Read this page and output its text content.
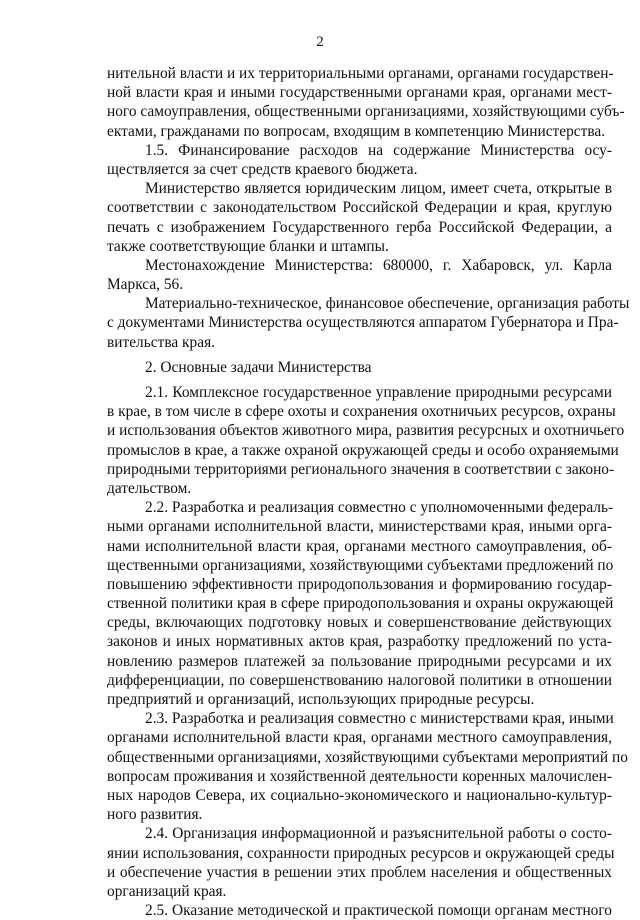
2
нительной власти и их территориальными органами, органами государствен-
ной власти края и иными государственными органами края, органами мест-
ного самоуправления, общественными организациями, хозяйствующими субъ-
ектами, гражданами по вопросам, входящим в компетенцию Министерства.
1.5. Финансирование расходов на содержание Министерства осу-
ществляется за счет средств краевого бюджета.
Министерство является юридическим лицом, имеет счета, открытые в
соответствии с законодательством Российской Федерации и края, круглую
печать с изображением Государственного герба Российской Федерации, а
также соответствующие бланки и штампы.
Местонахождение Министерства: 680000, г. Хабаровск, ул. Карла
Маркса, 56.
Материально-техническое, финансовое обеспечение, организация работы
с документами Министерства осуществляются аппаратом Губернатора и Пра-
вительства края.
2. Основные задачи Министерства
2.1. Комплексное государственное управление природными ресурсами
в крае, в том числе в сфере охоты и сохранения охотничьих ресурсов, охраны
и использования объектов животного мира, развития ресурсных и охотничьего
промыслов в крае, а также охраной окружающей среды и особо охраняемыми
природными территориями регионального значения в соответствии с законо-
дательством.
2.2. Разработка и реализация совместно с уполномоченными федераль-
ными органами исполнительной власти, министерствами края, иными орга-
нами исполнительной власти края, органами местного самоуправления, об-
щественными организациями, хозяйствующими субъектами предложений по
повышению эффективности природопользования и формированию государ-
ственной политики края в сфере природопользования и охраны окружающей
среды, включающих подготовку новых и совершенствование действующих
законов и иных нормативных актов края, разработку предложений по уста-
новлению размеров платежей за пользование природными ресурсами и их
дифференциации, по совершенствованию налоговой политики в отношении
предприятий и организаций, использующих природные ресурсы.
2.3. Разработка и реализация совместно с министерствами края, иными
органами исполнительной власти края, органами местного самоуправления,
общественными организациями, хозяйствующими субъектами мероприятий по
вопросам проживания и хозяйственной деятельности коренных малочислен-
ных народов Севера, их социально-экономического и национально-культур-
ного развития.
2.4. Организация информационной и разъяснительной работы о состо-
янии использования, сохранности природных ресурсов и окружающей среды
и обеспечение участия в решении этих проблем населения и общественных
организаций края.
2.5. Оказание методической и практической помощи органам местного
